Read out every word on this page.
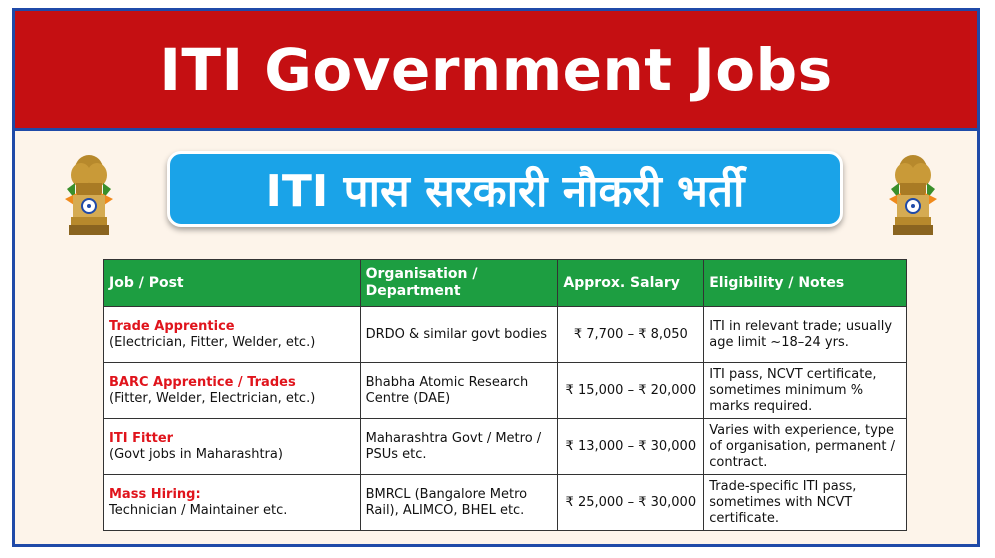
ITI Government Jobs
ITI पास सरकारी नौकरी भर्ती
Job / Post	Organisation / Department	Approx. Salary	Eligibility / Notes

Trade Apprentice
(Electrician, Fitter, Welder, etc.)	DRDO & similar govt bodies	₹ 7,700 – ₹ 8,050	ITI in relevant trade; usually age limit ~18–24 yrs.

BARC Apprentice / Trades
(Fitter, Welder, Electrician, etc.)	Bhabha Atomic Research Centre (DAE)	₹ 15,000 – ₹ 20,000	ITI pass, NCVT certificate, sometimes minimum % marks required.

ITI Fitter
(Govt jobs in Maharashtra)	Maharashtra Govt / Metro / PSUs etc.	₹ 13,000 – ₹ 30,000	Varies with experience, type of organisation, permanent / contract.

Mass Hiring:
Technician / Maintainer etc.	BMRCL (Bangalore Metro Rail), ALIMCO, BHEL etc.	₹ 25,000 – ₹ 30,000	Trade-specific ITI pass, sometimes with NCVT certificate.
